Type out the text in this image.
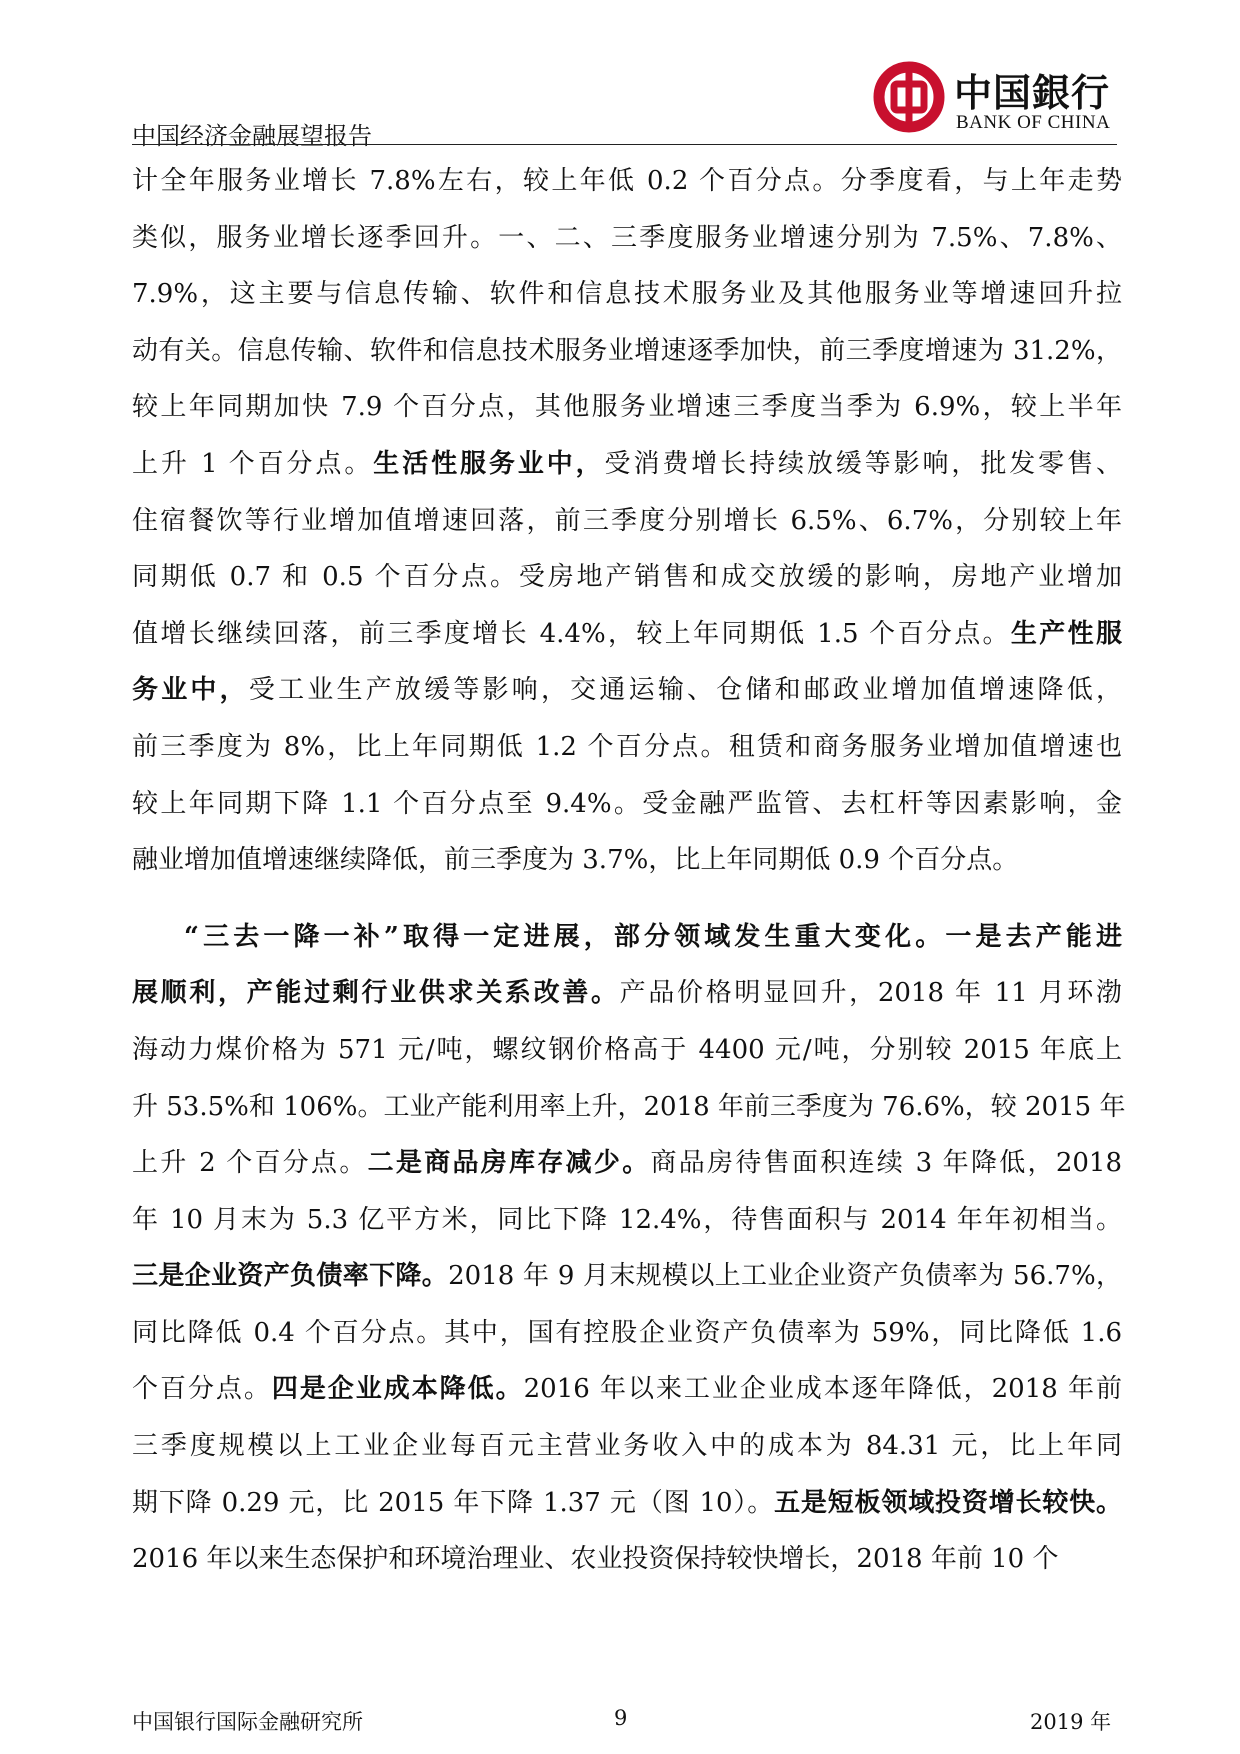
中国銀行
BANK OF CHINA
中国经济金融展望报告
计全年服务业增长 7.8%左右，较上年低 0.2 个百分点。分季度看，与上年走势
类似，服务业增长逐季回升。一、二、三季度服务业增速分别为 7.5%、7.8%、
7.9%，这主要与信息传输、软件和信息技术服务业及其他服务业等增速回升拉
动有关。信息传输、软件和信息技术服务业增速逐季加快，前三季度增速为 31.2%，
较上年同期加快 7.9 个百分点，其他服务业增速三季度当季为 6.9%，较上半年
上升 1 个百分点。生活性服务业中，受消费增长持续放缓等影响，批发零售、
住宿餐饮等行业增加值增速回落，前三季度分别增长 6.5%、6.7%，分别较上年
同期低 0.7 和 0.5 个百分点。受房地产销售和成交放缓的影响，房地产业增加
值增长继续回落，前三季度增长 4.4%，较上年同期低 1.5 个百分点。生产性服
务业中，受工业生产放缓等影响，交通运输、仓储和邮政业增加值增速降低，
前三季度为 8%，比上年同期低 1.2 个百分点。租赁和商务服务业增加值增速也
较上年同期下降 1.1 个百分点至 9.4%。受金融严监管、去杠杆等因素影响，金
融业增加值增速继续降低，前三季度为 3.7%，比上年同期低 0.9 个百分点。
“三去一降一补”取得一定进展，部分领域发生重大变化。一是去产能进
展顺利，产能过剩行业供求关系改善。产品价格明显回升，2018 年 11 月环渤
海动力煤价格为 571 元/吨，螺纹钢价格高于 4400 元/吨，分别较 2015 年底上
升 53.5%和 106%。工业产能利用率上升，2018 年前三季度为 76.6%，较 2015 年
上升 2 个百分点。二是商品房库存减少。商品房待售面积连续 3 年降低，2018
年 10 月末为 5.3 亿平方米，同比下降 12.4%，待售面积与 2014 年年初相当。
三是企业资产负债率下降。2018 年 9 月末规模以上工业企业资产负债率为 56.7%，
同比降低 0.4 个百分点。其中，国有控股企业资产负债率为 59%，同比降低 1.6
个百分点。四是企业成本降低。2016 年以来工业企业成本逐年降低，2018 年前
三季度规模以上工业企业每百元主营业务收入中的成本为 84.31 元，比上年同
期下降 0.29 元，比 2015 年下降 1.37 元（图 10）。五是短板领域投资增长较快。
2016 年以来生态保护和环境治理业、农业投资保持较快增长，2018 年前 10 个
中国银行国际金融研究所	9	2019 年
